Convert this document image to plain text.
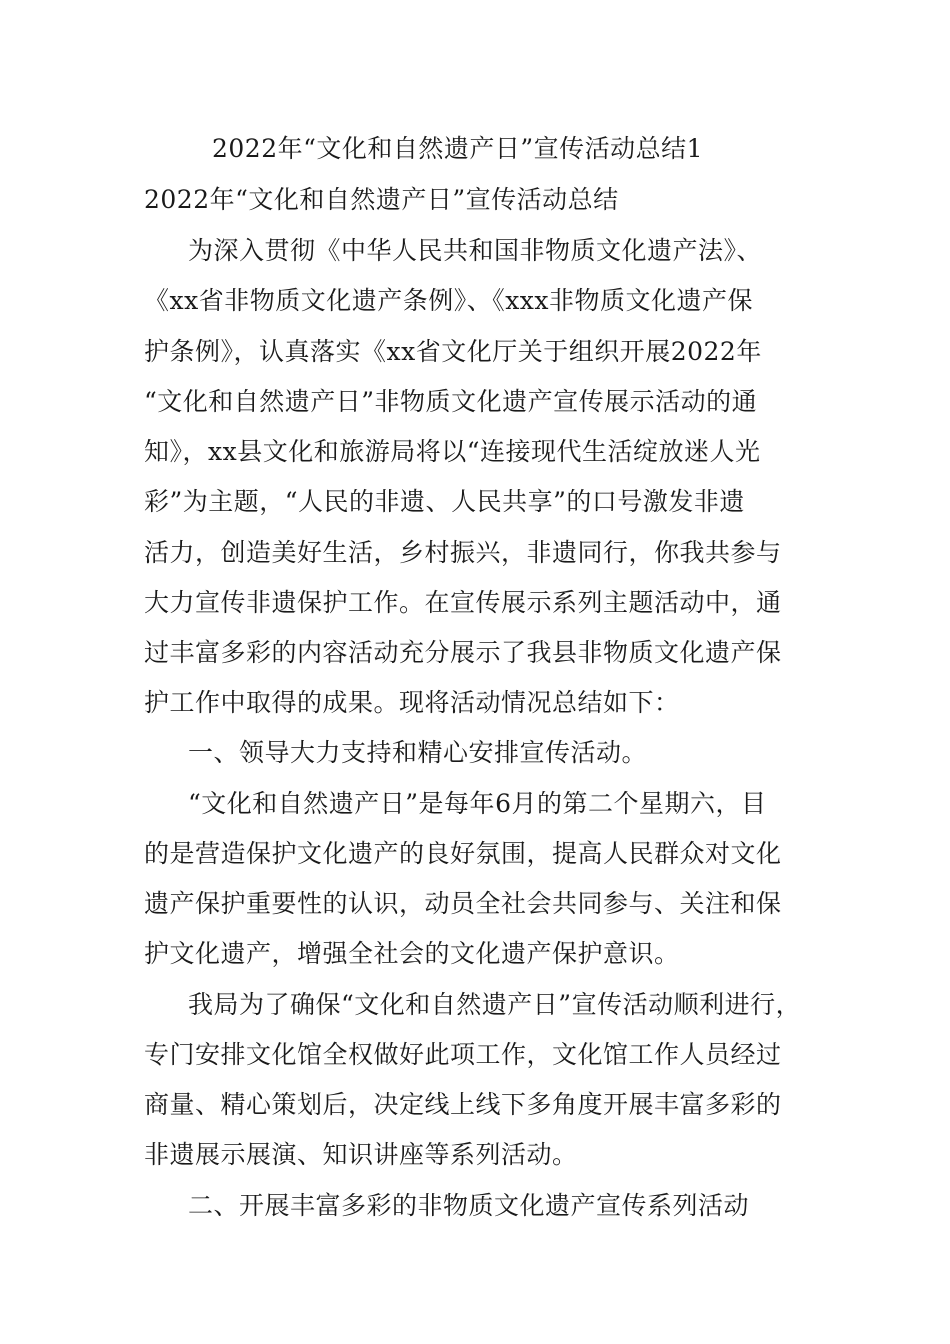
2022年“文化和自然遗产日”宣传活动总结1
2022年“文化和自然遗产日”宣传活动总结
为深入贯彻《中华人民共和国非物质文化遗产法》、
《xx省非物质文化遗产条例》、《xxx非物质文化遗产保
护条例》，认真落实《xx省文化厅关于组织开展2022年
“文化和自然遗产日”非物质文化遗产宣传展示活动的通
知》，xx县文化和旅游局将以“连接现代生活绽放迷人光
彩”为主题，“人民的非遗、人民共享”的口号激发非遗
活力，创造美好生活，乡村振兴，非遗同行，你我共参与
大力宣传非遗保护工作。在宣传展示系列主题活动中，通
过丰富多彩的内容活动充分展示了我县非物质文化遗产保
护工作中取得的成果。现将活动情况总结如下：
一、领导大力支持和精心安排宣传活动。
“文化和自然遗产日”是每年6月的第二个星期六，目
的是营造保护文化遗产的良好氛围，提高人民群众对文化
遗产保护重要性的认识，动员全社会共同参与、关注和保
护文化遗产，增强全社会的文化遗产保护意识。
我局为了确保“文化和自然遗产日”宣传活动顺利进行，
专门安排文化馆全权做好此项工作，文化馆工作人员经过
商量、精心策划后，决定线上线下多角度开展丰富多彩的
非遗展示展演、知识讲座等系列活动。
二、开展丰富多彩的非物质文化遗产宣传系列活动
